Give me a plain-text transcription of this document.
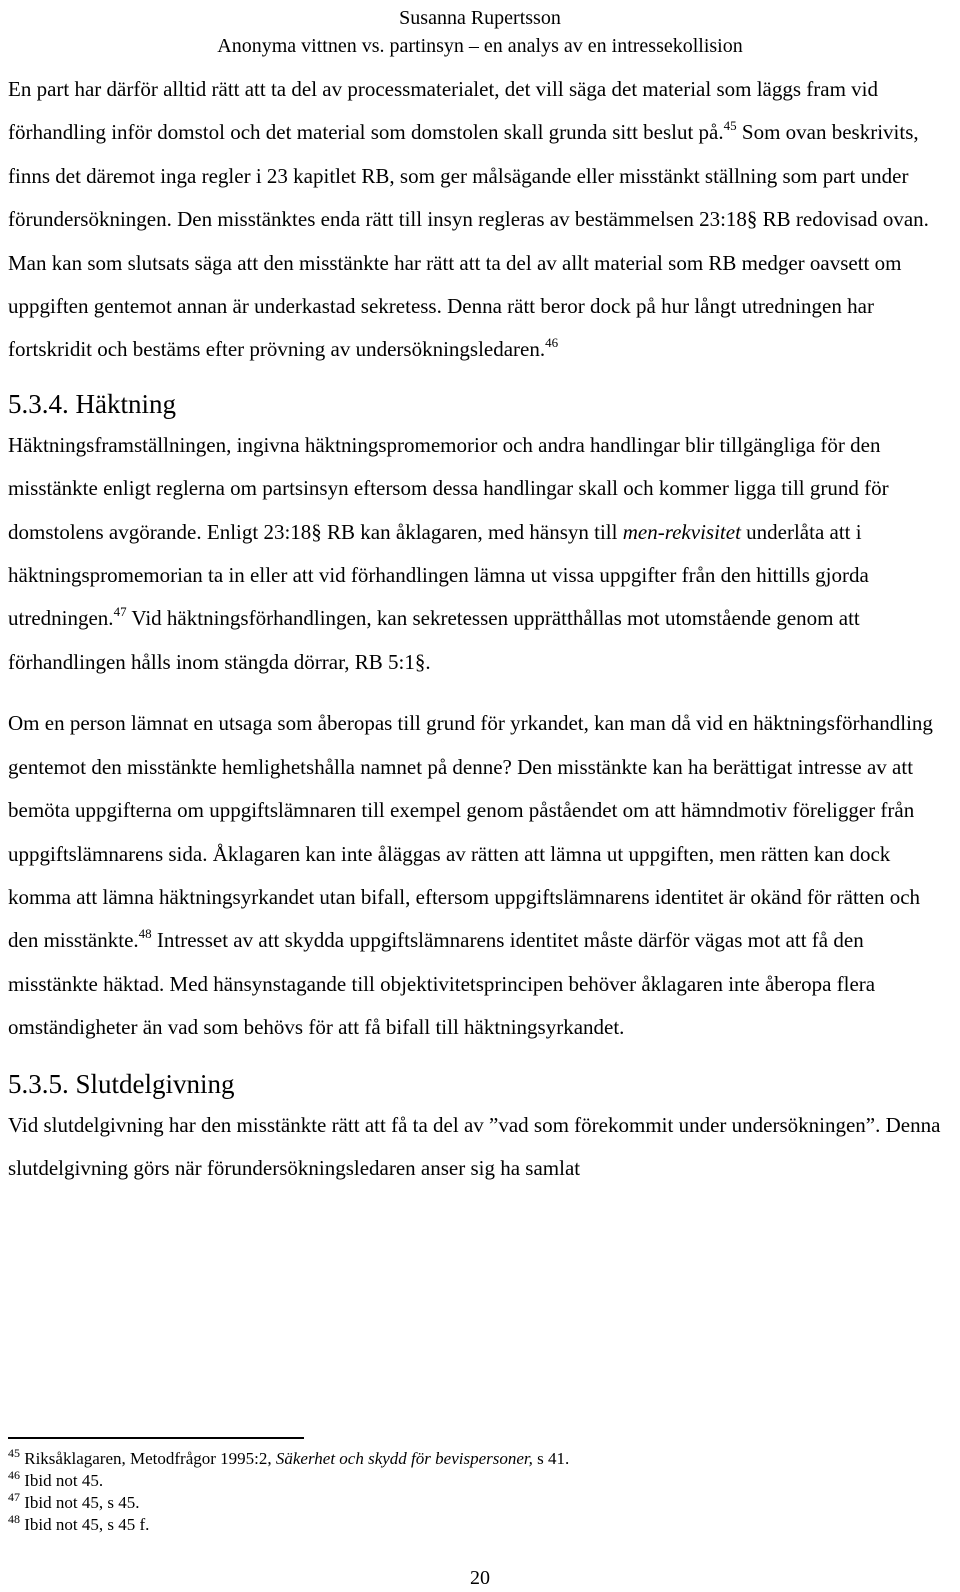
Susanna Rupertsson
Anonyma vittnen vs. partinsyn – en analys av en intressekollision

En part har därför alltid rätt att ta del av processmaterialet, det vill säga det material som läggs fram vid förhandling inför domstol och det material som domstolen skall grunda sitt beslut på.$^{45}$ Som ovan beskrivits, finns det däremot inga regler i 23 kapitlet RB, som ger målsägande eller misstänkt ställning som part under förundersökningen. Den misstänktes enda rätt till insyn regleras av bestämmelsen 23:18§ RB redovisad ovan. Man kan som slutsats säga att den misstänkte har rätt att ta del av allt material som RB medger oavsett om uppgiften gentemot annan är underkastad sekretess. Denna rätt beror dock på hur långt utredningen har fortskridit och bestäms efter prövning av undersökningsledaren.$^{46}$

5.3.4. Häktning

Häktningsframställningen, ingivna häktningspromemorior och andra handlingar blir tillgängliga för den misstänkte enligt reglerna om partsinsyn eftersom dessa handlingar skall och kommer ligga till grund för domstolens avgörande. Enligt 23:18§ RB kan åklagaren, med hänsyn till men-rekvisitet underlåta att i häktningspromemorian ta in eller att vid förhandlingen lämna ut vissa uppgifter från den hittills gjorda utredningen.$^{47}$ Vid häktningsförhandlingen, kan sekretessen upprätthållas mot utomstående genom att förhandlingen hålls inom stängda dörrar, RB 5:1§.

Om en person lämnat en utsaga som åberopas till grund för yrkandet, kan man då vid en häktningsförhandling gentemot den misstänkte hemlighetshålla namnet på denne? Den misstänkte kan ha berättigat intresse av att bemöta uppgifterna om uppgiftslämnaren till exempel genom påståendet om att hämndmotiv föreligger från uppgiftslämnarens sida. Åklagaren kan inte åläggas av rätten att lämna ut uppgiften, men rätten kan dock komma att lämna häktningsyrkandet utan bifall, eftersom uppgiftslämnarens identitet är okänd för rätten och den misstänkte.$^{48}$ Intresset av att skydda uppgiftslämnarens identitet måste därför vägas mot att få den misstänkte häktad. Med hänsynstagande till objektivitetsprincipen behöver åklagaren inte åberopa flera omständigheter än vad som behövs för att få bifall till häktningsyrkandet.

5.3.5. Slutdelgivning

Vid slutdelgivning har den misstänkte rätt att få ta del av ”vad som förekommit under undersökningen”. Denna slutdelgivning görs när förundersökningsledaren anser sig ha samlat

$^{45}$ Riksåklagaren, Metodfrågor 1995:2, Säkerhet och skydd för bevispersoner, s 41.
$^{46}$ Ibid not 45.
$^{47}$ Ibid not 45, s 45.
$^{48}$ Ibid not 45, s 45 f.
20
